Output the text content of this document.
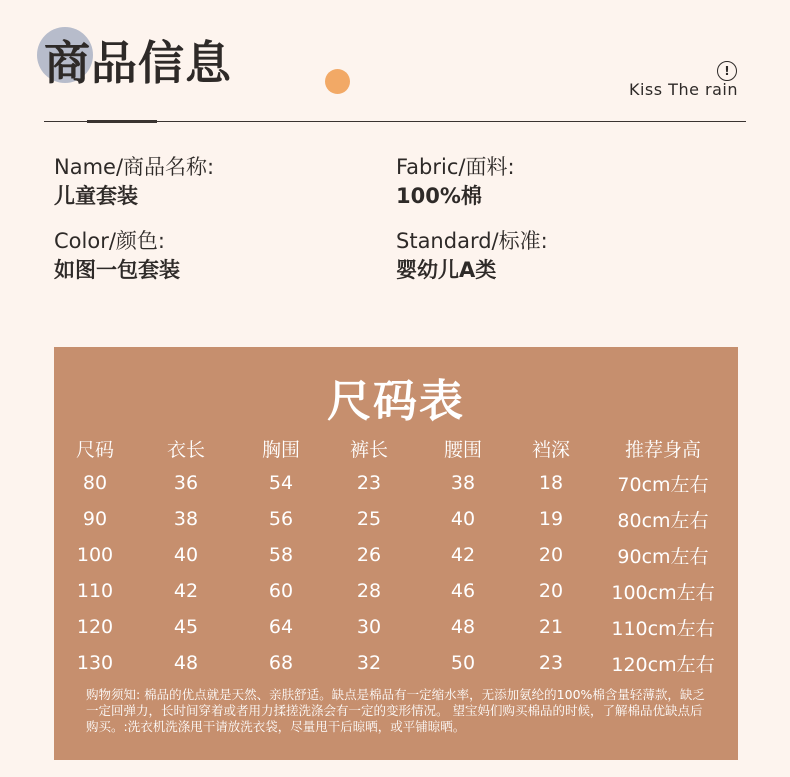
商品信息	!
Kiss The rain
Name/商品名称:
儿童套装
Fabric/面料:
100%棉
Color/颜色:
如图一包套装
Standard/标准:
婴幼儿A类
尺码表
尺码	衣长	胸围	裤长	腰围	裆深	推荐身高
80	36	54	23	38	18	70cm左右
90	38	56	25	40	19	80cm左右
100	40	58	26	42	20	90cm左右
110	42	60	28	46	20	100cm左右
120	45	64	30	48	21	110cm左右
130	48	68	32	50	23	120cm左右
购物须知: 棉品的优点就是天然、亲肤舒适。缺点是棉品有一定缩水率，无添加氨纶的100%棉含量轻薄款，缺乏一定回弹力，长时间穿着或者用力揉搓洗涤会有一定的变形情况。 望宝妈们购买棉品的时候，了解棉品优缺点后购买。:洗衣机洗涤甩干请放洗衣袋，尽量甩干后晾晒，或平铺晾晒。
